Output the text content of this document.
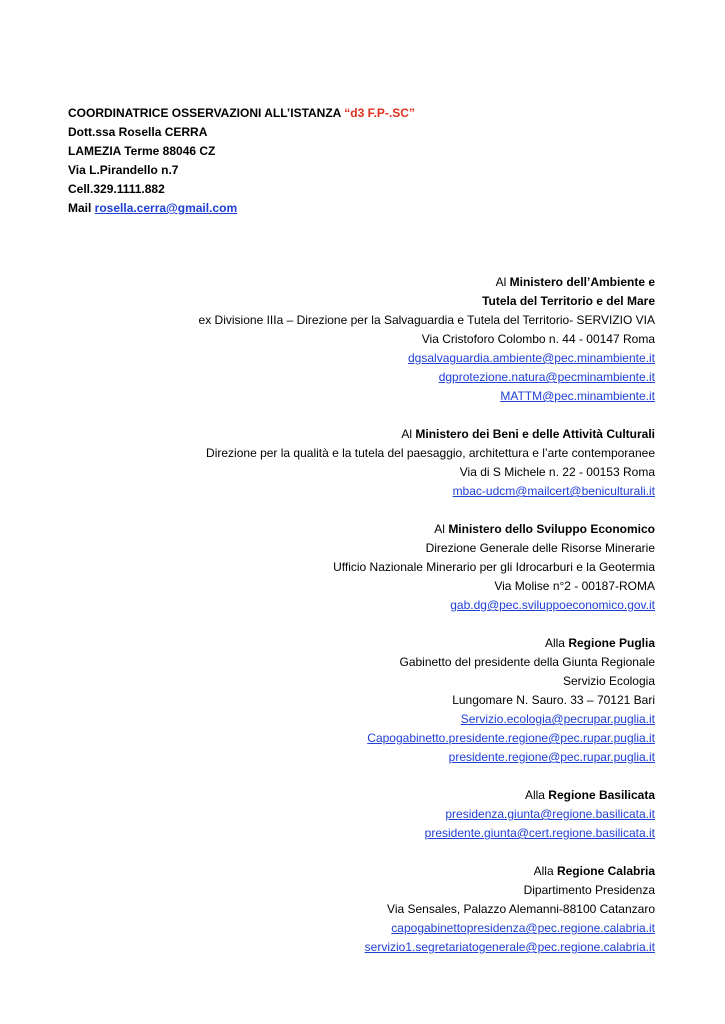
COORDINATRICE OSSERVAZIONI ALL’ISTANZA “d3 F.P-.SC”
Dott.ssa Rosella CERRA
LAMEZIA Terme 88046 CZ
Via L.Pirandello n.7
Cell.329.1111.882
Mail rosella.cerra@gmail.com
Al Ministero dell’Ambiente e
Tutela del Territorio e del Mare
ex Divisione IIIa – Direzione per la Salvaguardia e Tutela del Territorio- SERVIZIO VIA
Via Cristoforo Colombo n. 44 - 00147 Roma
dgsalvaguardia.ambiente@pec.minambiente.it
dgprotezione.natura@pecminambiente.it
MATTM@pec.minambiente.it
Al Ministero dei Beni e delle Attività Culturali
Direzione per la qualità e la tutela del paesaggio, architettura e l’arte contemporanee
Via di S Michele n. 22 - 00153 Roma
mbac-udcm@mailcert@beniculturali.it
Al Ministero dello Sviluppo Economico
Direzione Generale delle Risorse Minerarie
Ufficio Nazionale Minerario per gli Idrocarburi e la Geotermia
Via Molise n°2 - 00187-ROMA
gab.dg@pec.sviluppoeconomico.gov.it
Alla Regione Puglia
Gabinetto del presidente della Giunta Regionale
Servizio Ecologia
Lungomare N. Sauro. 33 – 70121 Bari
Servizio.ecologia@pecrupar.puglia.it
Capogabinetto.presidente.regione@pec.rupar.puglia.it
presidente.regione@pec.rupar.puglia.it
Alla Regione Basilicata
presidenza.giunta@regione.basilicata.it
presidente.giunta@cert.regione.basilicata.it
Alla Regione Calabria
Dipartimento Presidenza
Via Sensales, Palazzo Alemanni-88100 Catanzaro
capogabinettopresidenza@pec.regione.calabria.it
servizio1.segretariatogenerale@pec.regione.calabria.it
